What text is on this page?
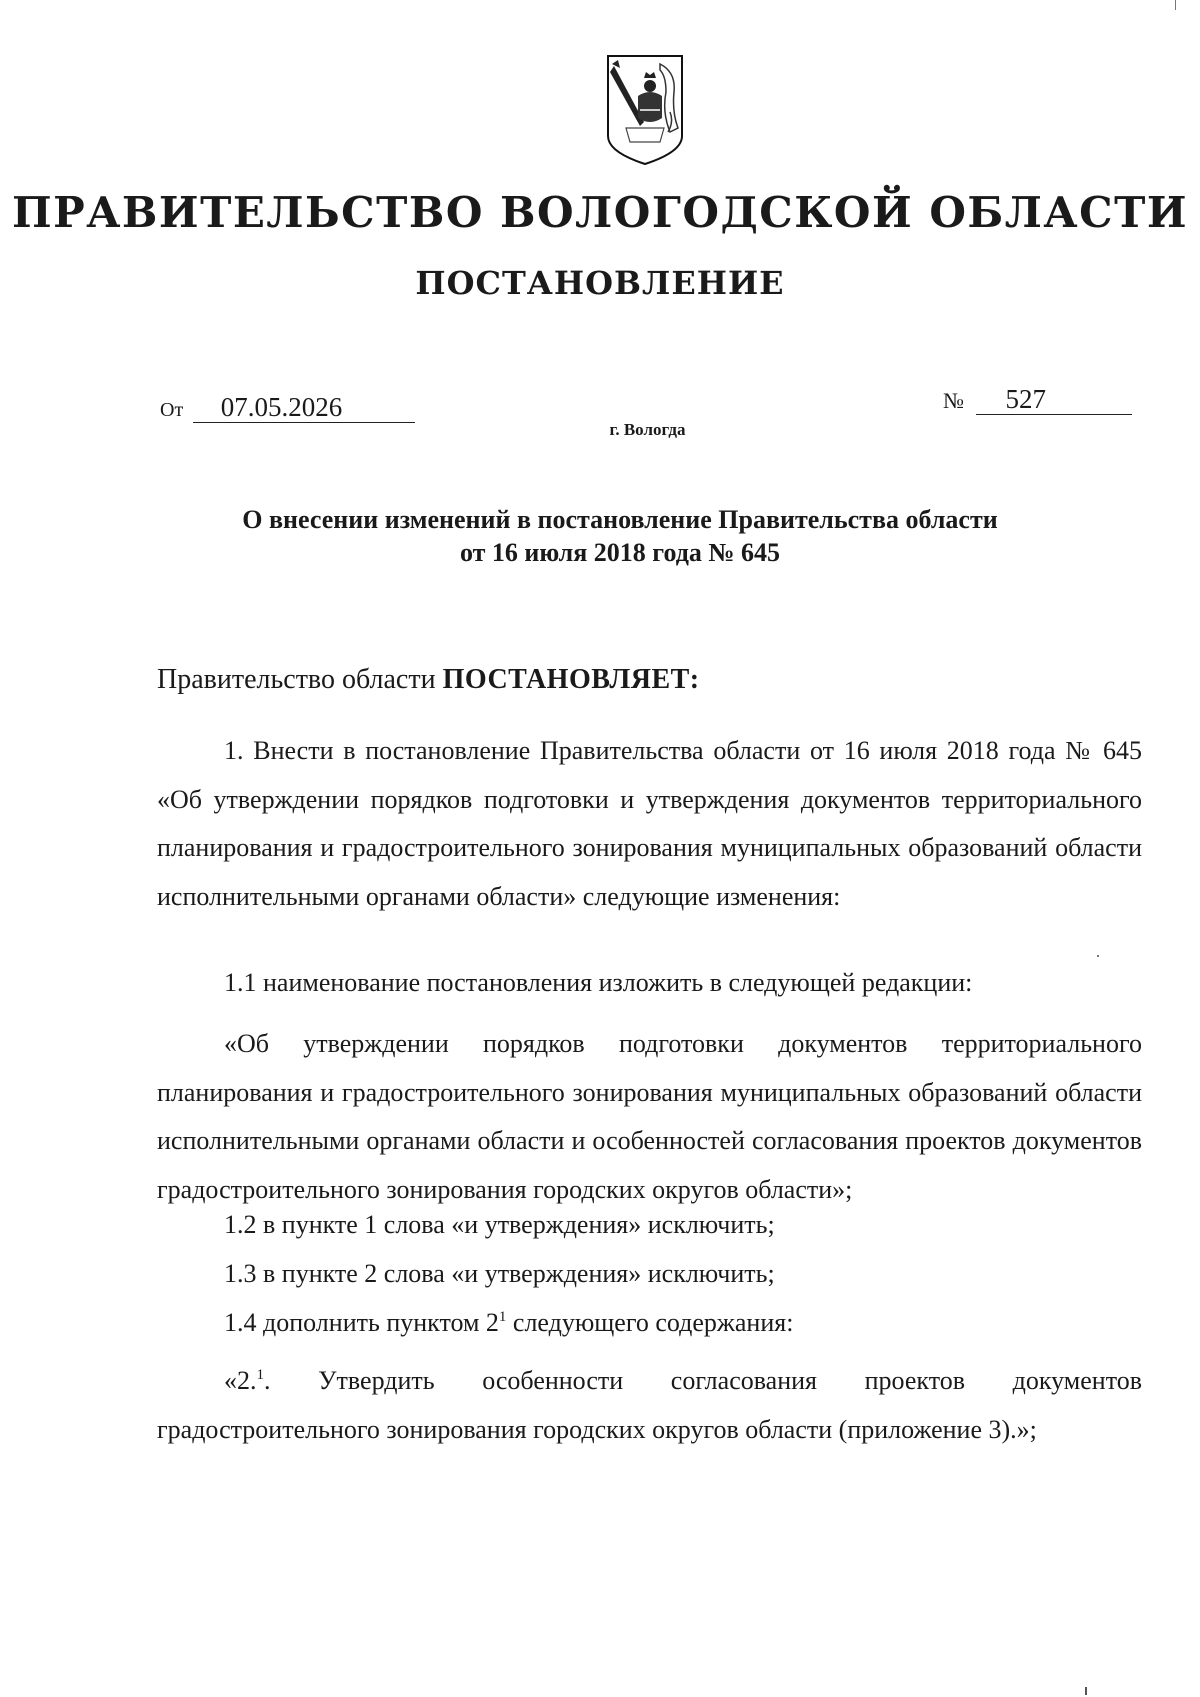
ПРАВИТЕЛЬСТВО ВОЛОГОДСКОЙ ОБЛАСТИ
ПОСТАНОВЛЕНИЕ
От 07.05.2026	№ 527
г. Вологда
О внесении изменений в постановление Правительства области
от 16 июля 2018 года № 645
Правительство области ПОСТАНОВЛЯЕТ:
1. Внести в постановление Правительства области от 16 июля 2018 года № 645 «Об утверждении порядков подготовки и утверждения документов территориального планирования и градостроительного зонирования муниципальных образований области исполнительными органами области» следующие изменения:
1.1 наименование постановления изложить в следующей редакции:
«Об утверждении порядков подготовки документов территориального планирования и градостроительного зонирования муниципальных образований области исполнительными органами области и особенностей согласования проектов документов градостроительного зонирования городских округов области»;
1.2 в пункте 1 слова «и утверждения» исключить;
1.3 в пункте 2 слова «и утверждения» исключить;
1.4 дополнить пунктом $2^1$ следующего содержания:
«2.$^1$. Утвердить особенности согласования проектов документов градостроительного зонирования городских округов области (приложение 3).»;
